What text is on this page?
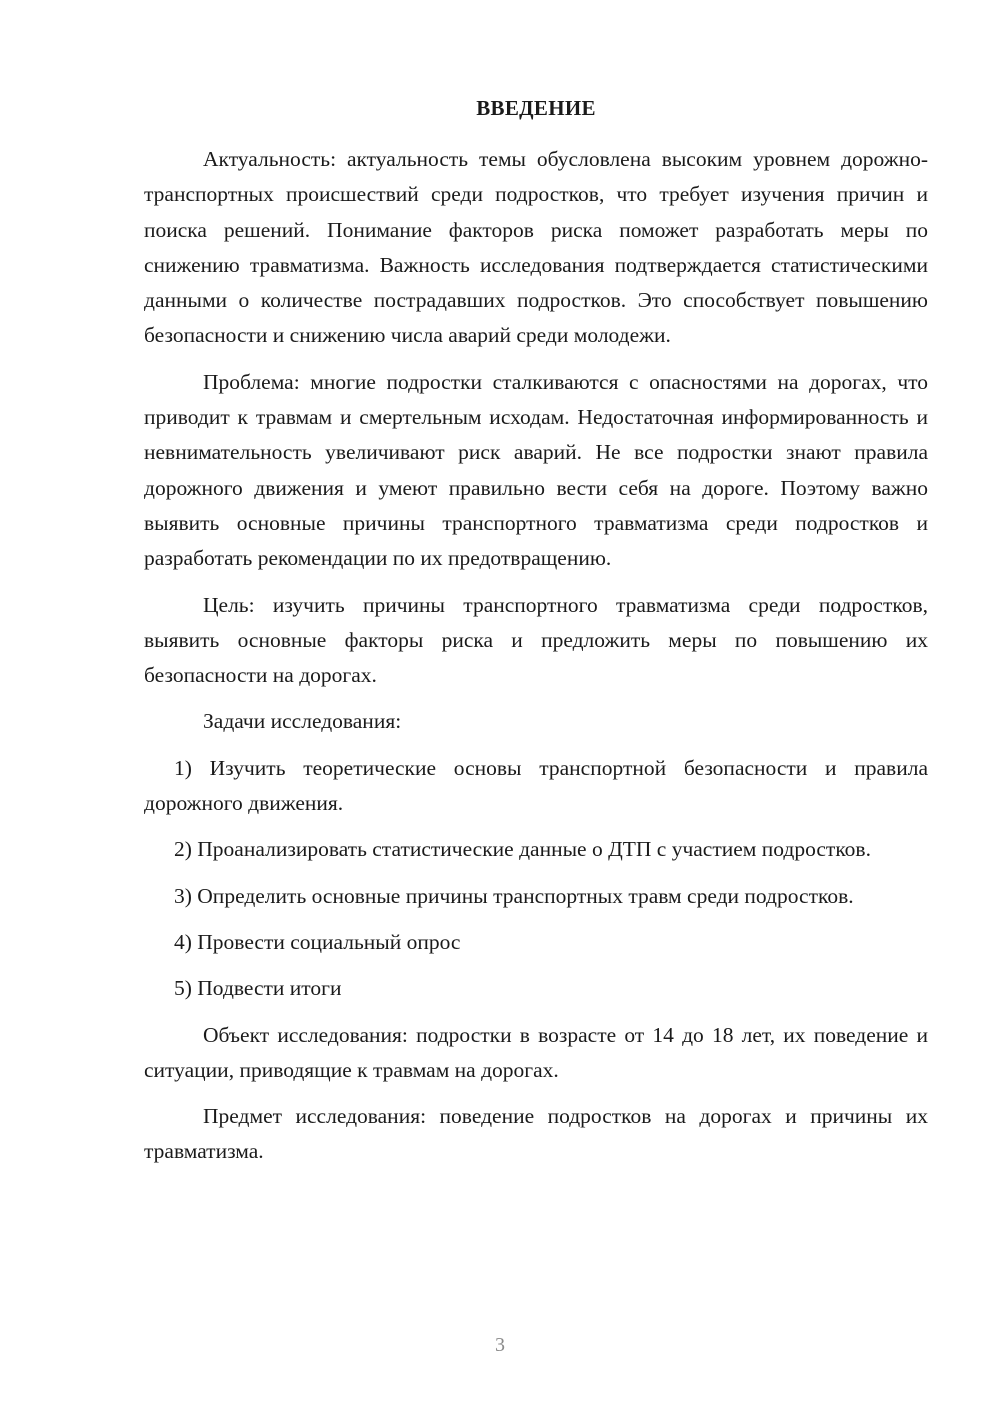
ВВЕДЕНИЕ

Актуальность: актуальность темы обусловлена высоким уровнем дорожно-транспортных происшествий среди подростков, что требует изучения причин и поиска решений. Понимание факторов риска поможет разработать меры по снижению травматизма. Важность исследования подтверждается статистическими данными о количестве пострадавших подростков. Это способствует повышению безопасности и снижению числа аварий среди молодежи.

Проблема: многие подростки сталкиваются с опасностями на дорогах, что приводит к травмам и смертельным исходам. Недостаточная информированность и невнимательность увеличивают риск аварий. Не все подростки знают правила дорожного движения и умеют правильно вести себя на дороге. Поэтому важно выявить основные причины транспортного травматизма среди подростков и разработать рекомендации по их предотвращению.

Цель: изучить причины транспортного травматизма среди подростков, выявить основные факторы риска и предложить меры по повышению их безопасности на дорогах.

Задачи исследования:

1) Изучить теоретические основы транспортной безопасности и правила дорожного движения.

2) Проанализировать статистические данные о ДТП с участием подростков.

3) Определить основные причины транспортных травм среди подростков.

4) Провести социальный опрос

5) Подвести итоги

Объект исследования: подростки в возрасте от 14 до 18 лет, их поведение и ситуации, приводящие к травмам на дорогах.

Предмет исследования: поведение подростков на дорогах и причины их травматизма.

3
